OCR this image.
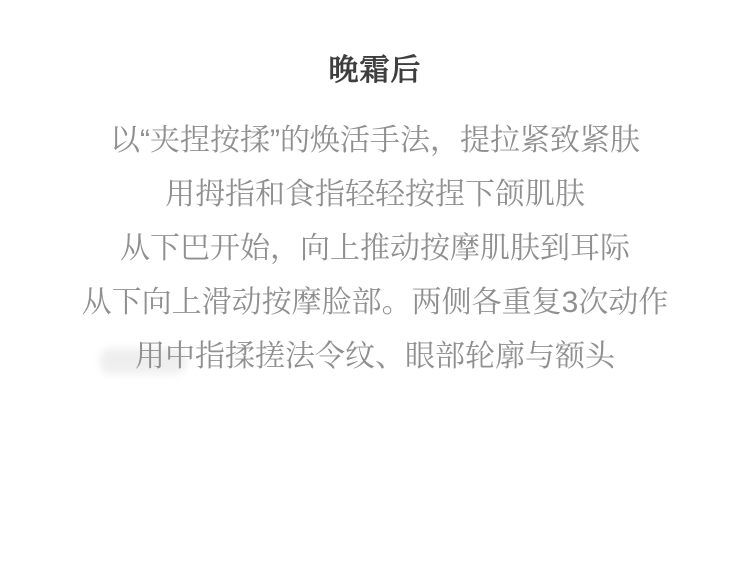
晚霜后

以“夹捏按揉”的焕活手法，提拉紧致紧肤

用拇指和食指轻轻按捏下颌肌肤

从下巴开始，向上推动按摩肌肤到耳际

从下向上滑动按摩脸部。两侧各重复3次动作

用中指揉搓法令纹、眼部轮廓与额头
